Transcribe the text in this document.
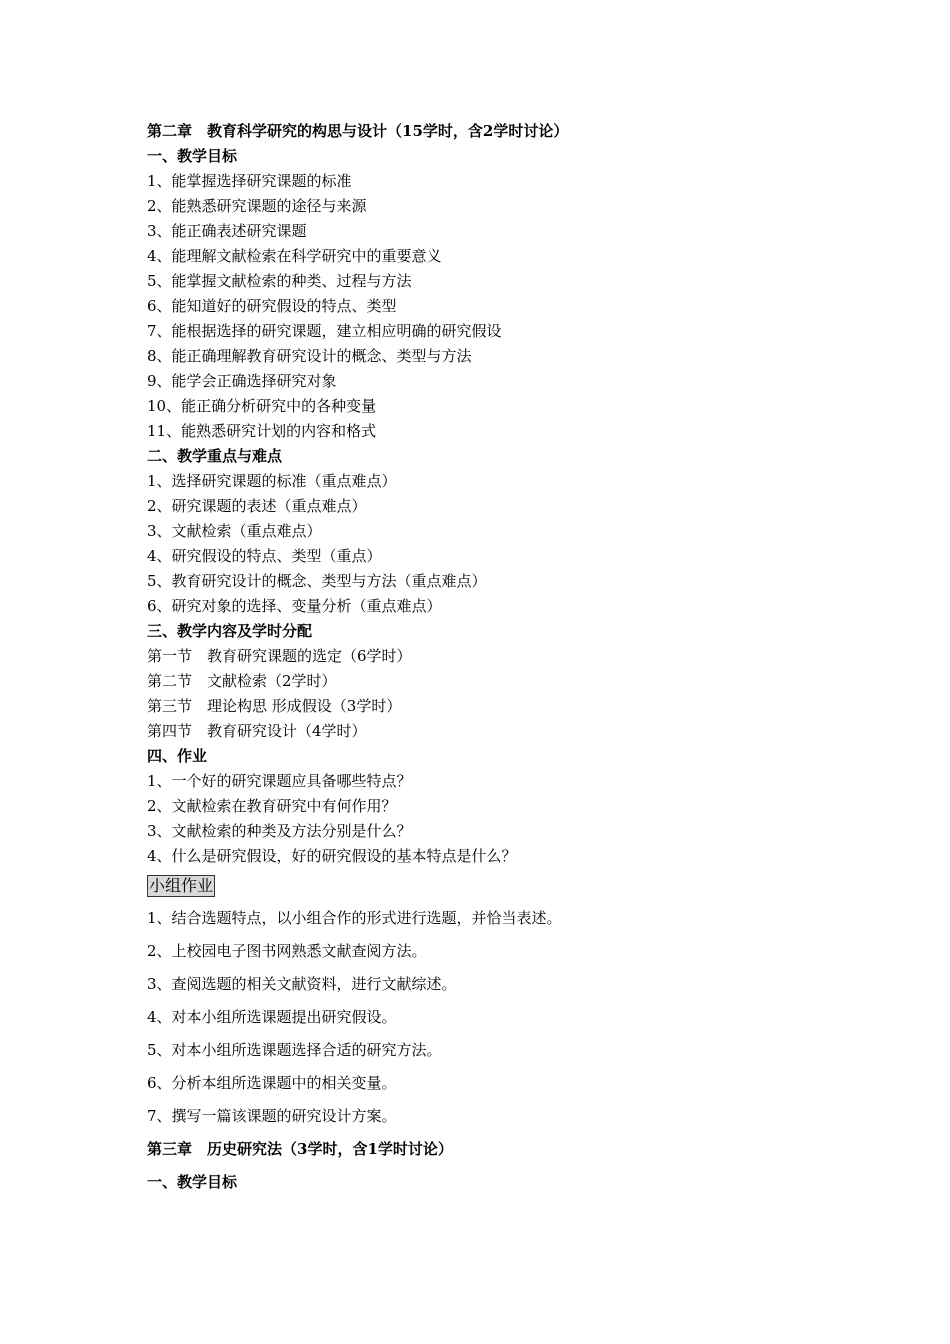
第二章　教育科学研究的构思与设计（15学时，含2学时讨论）
一、教学目标
1、能掌握选择研究课题的标准
2、能熟悉研究课题的途径与来源
3、能正确表述研究课题
4、能理解文献检索在科学研究中的重要意义
5、能掌握文献检索的种类、过程与方法
6、能知道好的研究假设的特点、类型
7、能根据选择的研究课题，建立相应明确的研究假设
8、能正确理解教育研究设计的概念、类型与方法
9、能学会正确选择研究对象
10、能正确分析研究中的各种变量
11、能熟悉研究计划的内容和格式
二、教学重点与难点
1、选择研究课题的标准（重点难点）
2、研究课题的表述（重点难点）
3、文献检索（重点难点）
4、研究假设的特点、类型（重点）
5、教育研究设计的概念、类型与方法（重点难点）
6、研究对象的选择、变量分析（重点难点）
三、教学内容及学时分配
第一节　教育研究课题的选定（6学时）
第二节　文献检索（2学时）
第三节　理论构思 形成假设（3学时）
第四节　教育研究设计（4学时）
四、作业
1、一个好的研究课题应具备哪些特点？
2、文献检索在教育研究中有何作用？
3、文献检索的种类及方法分别是什么？
4、什么是研究假设，好的研究假设的基本特点是什么？
小组作业
1、结合选题特点，以小组合作的形式进行选题，并恰当表述。
2、上校园电子图书网熟悉文献查阅方法。
3、查阅选题的相关文献资料，进行文献综述。
4、对本小组所选课题提出研究假设。
5、对本小组所选课题选择合适的研究方法。
6、分析本组所选课题中的相关变量。
7、撰写一篇该课题的研究设计方案。
第三章　历史研究法（3学时，含1学时讨论）
一、教学目标
